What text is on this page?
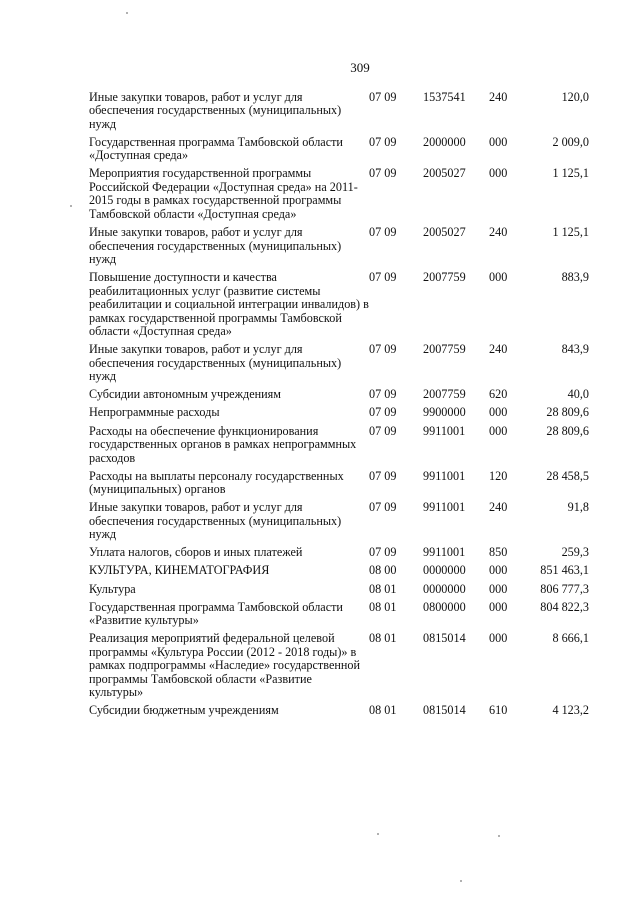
309
Иные закупки товаров, работ и услуг для обеспечения государственных (муниципальных) нужд	07 09	1537541	240	120,0
Государственная программа Тамбовской области «Доступная среда»	07 09	2000000	000	2 009,0
Мероприятия государственной программы Российской Федерации «Доступная среда» на 2011-2015 годы в рамках государственной программы Тамбовской области «Доступная среда»	07 09	2005027	000	1 125,1
Иные закупки товаров, работ и услуг для обеспечения государственных (муниципальных) нужд	07 09	2005027	240	1 125,1
Повышение доступности и качества реабилитационных услуг (развитие системы реабилитации и социальной интеграции инвалидов) в рамках государственной программы Тамбовской области «Доступная среда»	07 09	2007759	000	883,9
Иные закупки товаров, работ и услуг для обеспечения государственных (муниципальных) нужд	07 09	2007759	240	843,9
Субсидии автономным учреждениям	07 09	2007759	620	40,0
Непрограммные расходы	07 09	9900000	000	28 809,6
Расходы на обеспечение функционирования государственных органов в рамках непрограммных расходов	07 09	9911001	000	28 809,6
Расходы на выплаты персоналу государственных (муниципальных) органов	07 09	9911001	120	28 458,5
Иные закупки товаров, работ и услуг для обеспечения государственных (муниципальных) нужд	07 09	9911001	240	91,8
Уплата налогов, сборов и иных платежей	07 09	9911001	850	259,3
КУЛЬТУРА, КИНЕМАТОГРАФИЯ	08 00	0000000	000	851 463,1
Культура	08 01	0000000	000	806 777,3
Государственная программа Тамбовской области «Развитие культуры»	08 01	0800000	000	804 822,3
Реализация мероприятий федеральной целевой программы «Культура России (2012 - 2018 годы)» в рамках подпрограммы «Наследие» государственной программы Тамбовской области «Развитие культуры»	08 01	0815014	000	8 666,1
Субсидии бюджетным учреждениям	08 01	0815014	610	4 123,2
